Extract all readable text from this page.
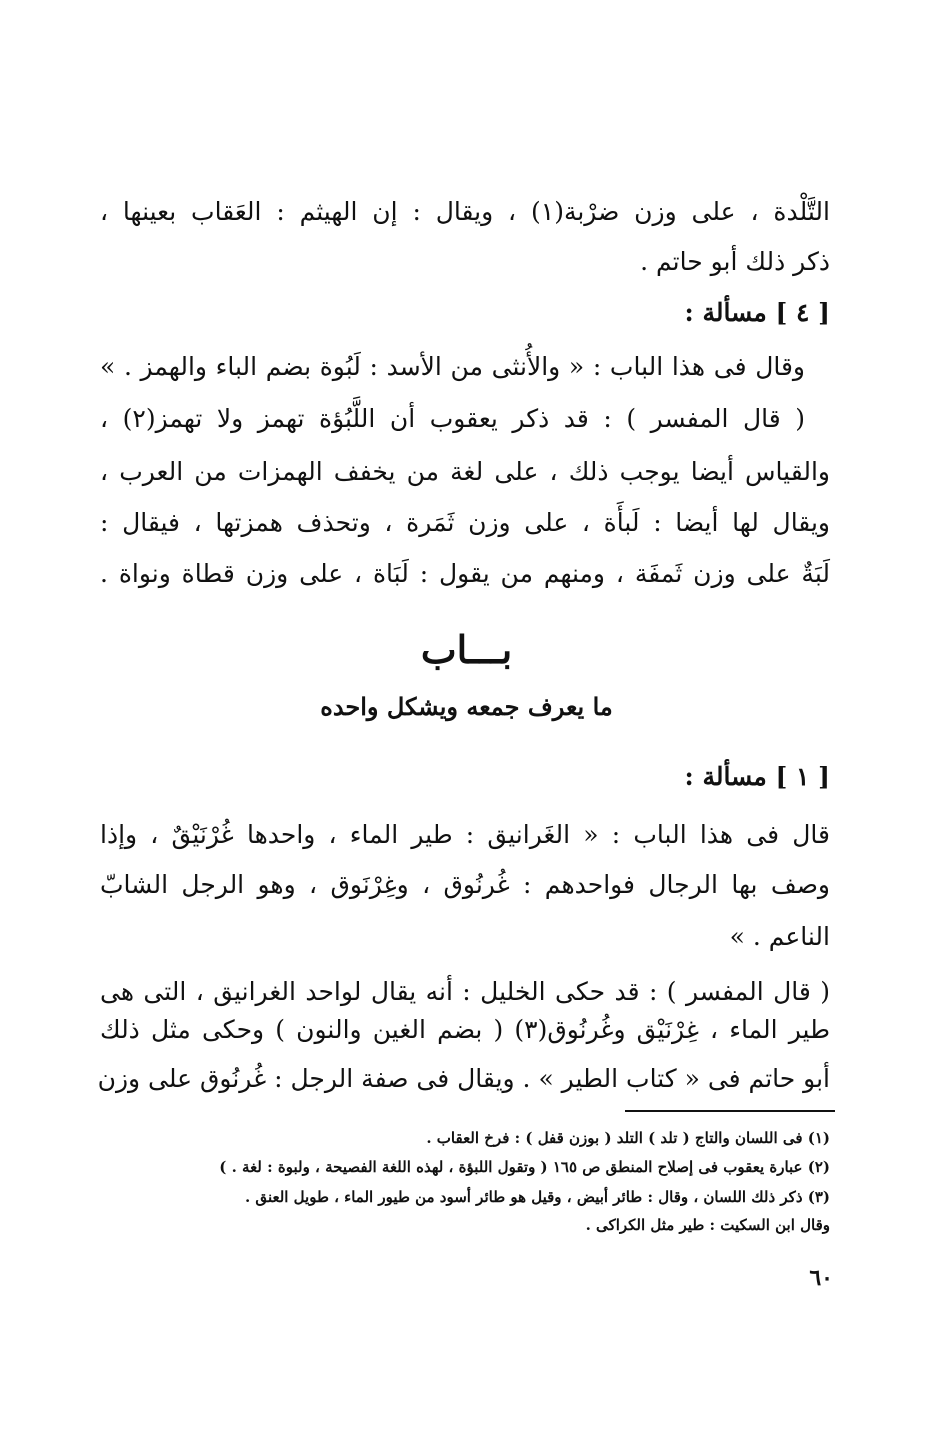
التَّلْدة ، على وزن ضرْبة(١) ، ويقال : إن الهيثم : العَقاب بعينها ،
ذكر ذلك أبو حاتم .
[ ٤ ] مسألة :
وقال فى هذا الباب : « والأُنثى من الأسد : لَبُوة بضم الباء والهمز . »
( قال المفسر ) : قد ذكر يعقوب أن اللَّبُؤة تهمز ولا تهمز(٢) ،
والقياس أيضا يوجب ذلك ، على لغة من يخفف الهمزات من العرب ،
ويقال لها أيضا : لَبأَة ، على وزن ثَمَرة ، وتحذف همزتها ، فيقال :
لَبَةٌ على وزن ثَمفَة ، ومنهم من يقول : لَبَاة ، على وزن قطاة ونواة .
بـــاب
ما يعرف جمعه ويشكل واحده
[ ١ ] مسألة :
قال فى هذا الباب : « الغَرانيق : طير الماء ، واحدها غُرْنَيْقٌ ، وإذا
وصف بها الرجال فواحدهم : غُرنُوق ، وغِرْنَوق ، وهو الرجل الشابّ
الناعم . »
( قال المفسر ) : قد حكى الخليل : أنه يقال لواحد الغرانيق ، التى هى
طير الماء ، غِرْنَيْق وغُرنُوق(٣) ( بضم الغين والنون ) وحكى مثل ذلك
أبو حاتم فى « كتاب الطير » . ويقال فى صفة الرجل : غُرنُوق على وزن
(١) فى اللسان والتاج ( تلد ) التلد ( بوزن قفل ) : فرخ العقاب .
(٢) عبارة يعقوب فى إصلاح المنطق ص ١٦٥ ( وتقول اللبؤة ، لهذه اللغة الفصيحة ، ولبوة : لغة . )
(٣) ذكر ذلك اللسان ، وقال : طائر أبيض ، وقيل هو طائر أسود من طيور الماء ، طويل العنق .
وقال ابن السكيت : طير مثل الكراكى .
٦٠
